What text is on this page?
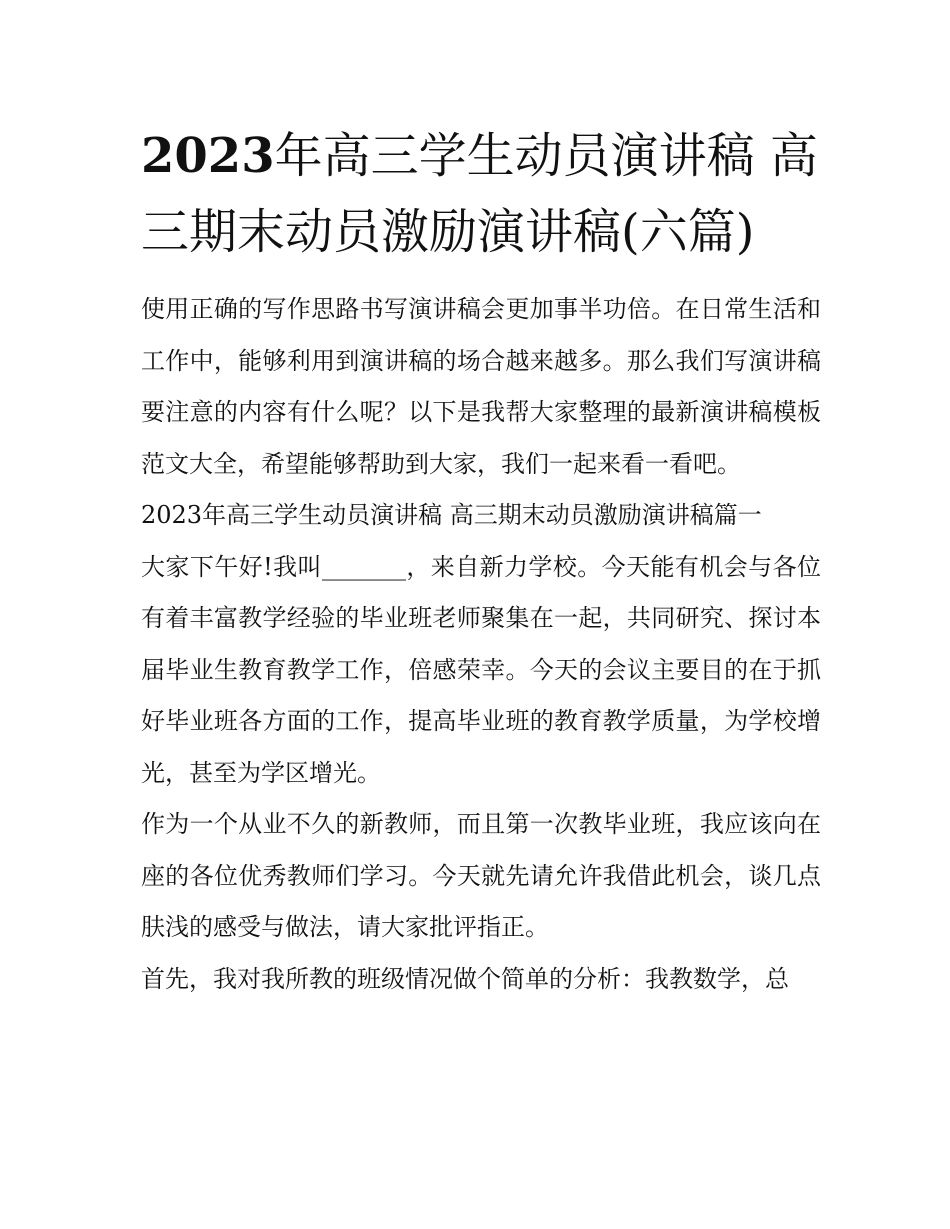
2023年高三学生动员演讲稿 高三期末动员激励演讲稿(六篇)

使用正确的写作思路书写演讲稿会更加事半功倍。在日常生活和工作中，能够利用到演讲稿的场合越来越多。那么我们写演讲稿要注意的内容有什么呢？以下是我帮大家整理的最新演讲稿模板范文大全，希望能够帮助到大家，我们一起来看一看吧。

2023年高三学生动员演讲稿 高三期末动员激励演讲稿篇一

大家下午好!我叫_______，来自新力学校。今天能有机会与各位有着丰富教学经验的毕业班老师聚集在一起，共同研究、探讨本届毕业生教育教学工作，倍感荣幸。今天的会议主要目的在于抓好毕业班各方面的工作，提高毕业班的教育教学质量，为学校增光，甚至为学区增光。

作为一个从业不久的新教师，而且第一次教毕业班，我应该向在座的各位优秀教师们学习。今天就先请允许我借此机会，谈几点肤浅的感受与做法，请大家批评指正。

首先，我对我所教的班级情况做个简单的分析：我教数学，总
